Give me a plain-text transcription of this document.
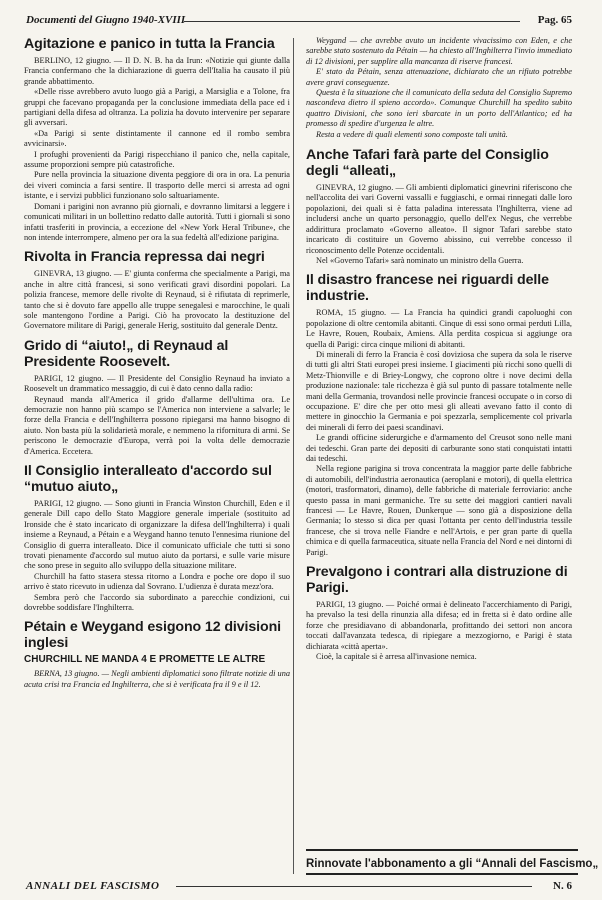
Documenti del Giugno 1940-XVIII	Pag. 65
Agitazione e panico in tutta la Francia

BERLINO, 12 giugno. — Il D. N. B. ha da Irun: «Notizie qui giunte dalla Francia confermano che la dichiarazione di guerra dell'Italia ha causato il più grande abbattimento.

«Delle risse avrebbero avuto luogo già a Parigi, a Marsiglia e a Tolone, fra gruppi che facevano propaganda per la conclusione immediata della pace ed i partigiani della difesa ad oltranza. La polizia ha dovuto intervenire per separare gli avversari.

«Da Parigi si sente distintamente il cannone ed il rombo sembra avvicinarsi».

I profughi provenienti da Parigi rispecchiano il panico che, nella capitale, assume proporzioni sempre più catastrofiche.

Pure nella provincia la situazione diventa peggiore di ora in ora. La penuria dei viveri comincia a farsi sentire. Il trasporto delle merci si arresta ad ogni istante, e i servizi pubblici funzionano solo saltuariamente.

Domani i parigini non avranno più giornali, e dovranno limitarsi a leggere i comunicati militari in un bollettino redatto dalle autorità. Tutti i giornali si sono infatti trasferiti in provincia, a eccezione del «New York Heral Tribune», che non intende interrompere, almeno per ora la sua fedeltà all'edizione parigina.

Rivolta in Francia repressa dai negri

GINEVRA, 13 giugno. — E' giunta conferma che specialmente a Parigi, ma anche in altre città francesi, si sono verificati gravi disordini popolari. La polizia francese, memore delle rivolte di Reynaud, si è rifiutata di reprimerle, tanto che si è dovuto fare appello alle truppe senegalesi e marocchine, le quali sole mantengono l'ordine a Parigi. Ciò ha provocato la destituzione del Governatore militare di Parigi, generale Herig, sostituito dal generale Dentz.

Grido di “aiuto!„ di Reynaud al Presidente Roosevelt.

PARIGI, 12 giugno. — Il Presidente del Consiglio Reynaud ha inviato a Roosevelt un drammatico messaggio, di cui è dato cenno dalla radio:

Reynaud manda all'America il grido d'allarme dell'ultima ora. Le democrazie non hanno più scampo se l'America non interviene a salvarle; le forze della Francia e dell'Inghilterra possono ripiegarsi ma hanno bisogno di aiuto. Non basta più la solidarietà morale, e nemmeno la rifornitura di armi. Se periscono le democrazie d'Europa, verrà poi la volta delle democrazie d'America. Eccetera.

Il Consiglio interalleato d'accordo sul “mutuo aiuto„

PARIGI, 12 giugno. — Sono giunti in Francia Winston Churchill, Eden e il generale Dill capo dello Stato Maggiore generale imperiale (sostituito ad Ironside che è stato incaricato di organizzare la difesa dell'Inghilterra) i quali insieme a Reynaud, a Pétain e a Weygand hanno tenuto l'ennesima riunione del Consiglio di guerra interalleato. Dice il comunicato ufficiale che tutti si sono trovati pienamente d'accordo sul mutuo aiuto da portarsi, e sulle varie misure che sono prese in seguito allo sviluppo della situazione militare.

Churchill ha fatto stasera stessa ritorno a Londra e poche ore dopo il suo arrivo è stato ricevuto in udienza dal Sovrano. L'udienza è durata mezz'ora.

Sembra però che l'accordo sia subordinato a parecchie condizioni, cui dovrebbe soddisfare l'Inghilterra.

Pétain e Weygand esigono 12 divisioni inglesi
CHURCHILL NE MANDA 4 E PROMETTE LE ALTRE

BERNA, 13 giugno. — Negli ambienti diplomatici sono filtrate notizie di una acuta crisi tra Francia ed Inghilterra, che si è verificata fra il 9 e il 12.

Weygand — che avrebbe avuto un incidente vivacissimo con Eden, e che sarebbe stato sostenuto da Pétain — ha chiesto all'Inghilterra l'invio immediato di 12 divisioni, per supplire alla mancanza di riserve francesi.

E' stato da Pétain, senza attenuazione, dichiarato che un rifiuto potrebbe avere gravi conseguenze.

Questa è la situazione che il comunicato della seduta del Consiglio Supremo nascondeva dietro il spieno accordo». Comunque Churchill ha spedito subito quattro Divisioni, che sono ieri sbarcate in un porto dell'Atlantico; ed ha promesso di spedire d'urgenza le altre.

Resta a vedere di quali elementi sono composte tali unità.

Anche Tafari farà parte del Consiglio degli “alleati„

GINEVRA, 12 giugno. — Gli ambienti diplomatici ginevrini riferiscono che nell'accolita dei vari Governi vassalli e fuggiaschi, e ormai rinnegati dalle loro popolazioni, dei quali si è fatta paladina interessata l'Inghilterra, viene ad includersi anche un quarto personaggio, quello dell'ex Negus, che verrebbe addirittura proclamato «Governo alleato». Il signor Tafari sarebbe stato incaricato di costituire un Governo abissino, cui verrebbe concesso il riconoscimento delle Potenze occidentali.

Nel «Governo Tafari» sarà nominato un ministro della Guerra.

Il disastro francese nei riguardi delle industrie.

ROMA, 15 giugno. — La Francia ha quindici grandi capoluoghi con popolazione di oltre centomila abitanti. Cinque di essi sono ormai perduti Lilla, Le Havre, Rouen, Roubaix, Amiens. Alla perdita cospicua si aggiunge ora quella di Parigi: circa cinque milioni di abitanti.

Di minerali di ferro la Francia è così doviziosa che supera da sola le riserve di tutti gli altri Stati europei presi insieme. I giacimenti più ricchi sono quelli di Metz-Thionville e di Briey-Longwy, che coprono oltre i nove decimi della produzione nazionale: tale ricchezza è già sul punto di passare totalmente nelle mani della Germania, trovandosi nelle provincie francesi occupate o in corso di occupazione. E' dire che per otto mesi gli alleati avevano fatto il conto di mettere in ginocchio la Germania e poi spezzarla, semplicemente col privarla dei minerali di ferro dei paesi scandinavi.

Le grandi officine siderurgiche e d'armamento del Creusot sono nelle mani dei tedeschi. Gran parte dei depositi di carburante sono stati conquistati intatti dai tedeschi.

Nella regione parigina si trova concentrata la maggior parte delle fabbriche di automobili, dell'industria aeronautica (aeroplani e motori), di quella elettrica (motori, trasformatori, dinamo), delle fabbriche di materiale ferroviario: anche questo passa in mani germaniche. Tre su sette dei maggiori cantieri navali francesi — Le Havre, Rouen, Dunkerque — sono già a disposizione della Germania; lo stesso si dica per quasi l'ottanta per cento dell'industria tessile francese, che si trova nelle Fiandre e nell'Artois, e per gran parte di quella chimica e di quella farmaceutica, situate nella Francia del Nord e nei dintorni di Parigi.

Prevalgono i contrari alla distruzione di Parigi.

PARIGI, 13 giugno. — Poiché ormai è delineato l'accerchiamento di Parigi, ha prevalso la tesi della rinunzia alla difesa; ed in fretta si è dato ordine alle forze che presidiavano di abbandonarla, profittando dei settori non ancora toccati dall'avanzata tedesca, di ripiegare a mezzogiorno, e Parigi è stata dichiarata «città aperta».

Cioè, la capitale si è arresa all'invasione nemica.

Rinnovate l'abbonamento a gli “Annali del Fascismo„
ANNALI DEL FASCISMO	N. 6
